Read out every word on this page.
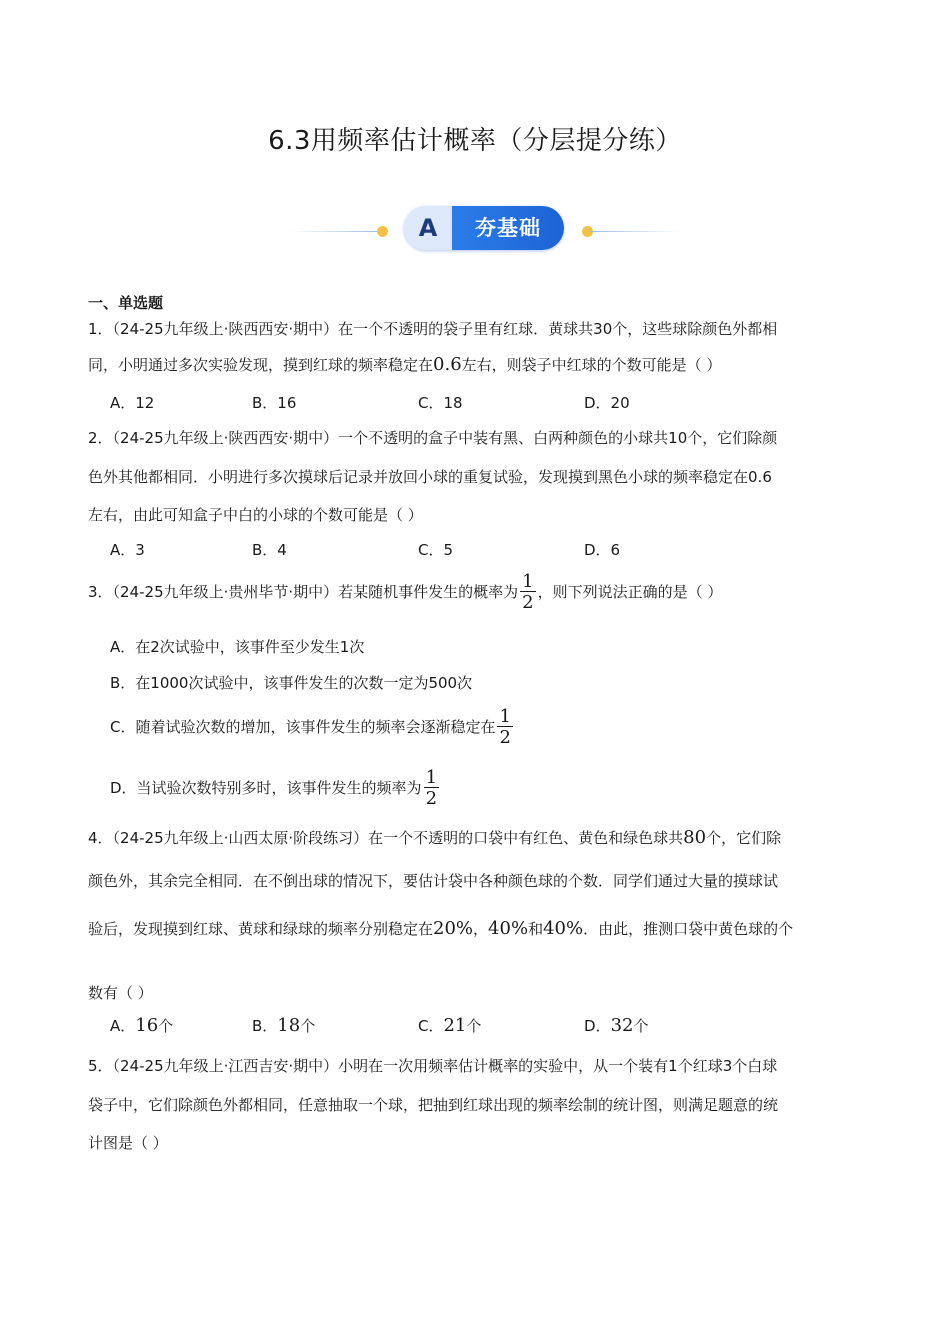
6.3用频率估计概率（分层提分练）
A	夯基础
一、单选题
1．（24-25九年级上·陕西西安·期中）在一个不透明的袋子里有红球．黄球共30个，这些球除颜色外都相
同，小明通过多次实验发现，摸到红球的频率稳定在0.6左右，则袋子中红球的个数可能是（ ）
A．12	B．16	C．18	D．20
2．（24-25九年级上·陕西西安·期中）一个不透明的盒子中装有黑、白两种颜色的小球共10个，它们除颜
色外其他都相同．小明进行多次摸球后记录并放回小球的重复试验，发现摸到黑色小球的频率稳定在0.6
左右，由此可知盒子中白的小球的个数可能是（ ）
A．3	B．4	C．5	D．6
3．（24-25九年级上·贵州毕节·期中）若某随机事件发生的概率为 $\frac{1}{2}$ ，则下列说法正确的是（ ）
A．在2次试验中，该事件至少发生1次
B．在1000次试验中，该事件发生的次数一定为500次
C．随着试验次数的增加，该事件发生的频率会逐渐稳定在 $\frac{1}{2}$
D．当试验次数特别多时，该事件发生的频率为 $\frac{1}{2}$
4．（24-25九年级上·山西太原·阶段练习）在一个不透明的口袋中有红色、黄色和绿色球共80个，它们除
颜色外，其余完全相同．在不倒出球的情况下，要估计袋中各种颜色球的个数．同学们通过大量的摸球试
验后，发现摸到红球、黄球和绿球的频率分别稳定在20%，40%和40%．由此，推测口袋中黄色球的个
数有（ ）
A．16个	B．18个	C．21个	D．32个
5．（24-25九年级上·江西吉安·期中）小明在一次用频率估计概率的实验中，从一个装有1个红球3个白球
袋子中，它们除颜色外都相同，任意抽取一个球，把抽到红球出现的频率绘制的统计图，则满足题意的统
计图是（ ）
